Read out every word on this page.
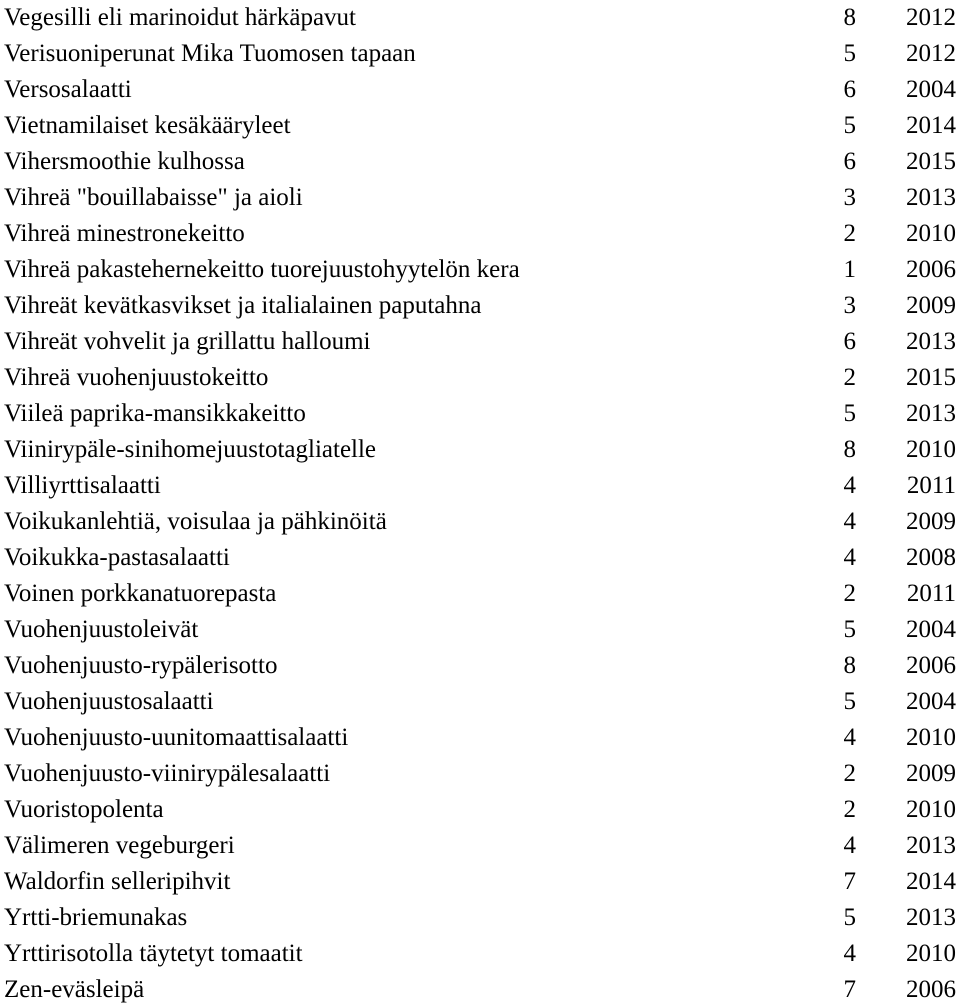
Vegesilli eli marinoidut härkäpavut	8 2012
Verisuoniperunat Mika Tuomosen tapaan	5 2012
Versosalaatti	6 2004
Vietnamilaiset kesäkääryleet	5 2014
Vihersmoothie kulhossa	6 2015
Vihreä "bouillabaisse" ja aioli	3 2013
Vihreä minestronekeitto	2 2010
Vihreä pakastehernekeitto tuorejuustohyytelön kera	1 2006
Vihreät kevätkasvikset ja italialainen paputahna	3 2009
Vihreät vohvelit ja grillattu halloumi	6 2013
Vihreä vuohenjuustokeitto	2 2015
Viileä paprika-mansikkakeitto	5 2013
Viinirypäle-sinihomejuustotagliatelle	8 2010
Villiyrttisalaatti	4 2011
Voikukanlehtiä, voisulaa ja pähkinöitä	4 2009
Voikukka-pastasalaatti	4 2008
Voinen porkkanatuorepasta	2 2011
Vuohenjuustoleivät	5 2004
Vuohenjuusto-rypälerisotto	8 2006
Vuohenjuustosalaatti	5 2004
Vuohenjuusto-uunitomaattisalaatti	4 2010
Vuohenjuusto-viinirypälesalaatti	2 2009
Vuoristopolenta	2 2010
Välimeren vegeburgeri	4 2013
Waldorfin selleripihvit	7 2014
Yrtti-briemunakas	5 2013
Yrttirisotolla täytetyt tomaatit	4 2010
Zen-eväsleipä	7 2006
